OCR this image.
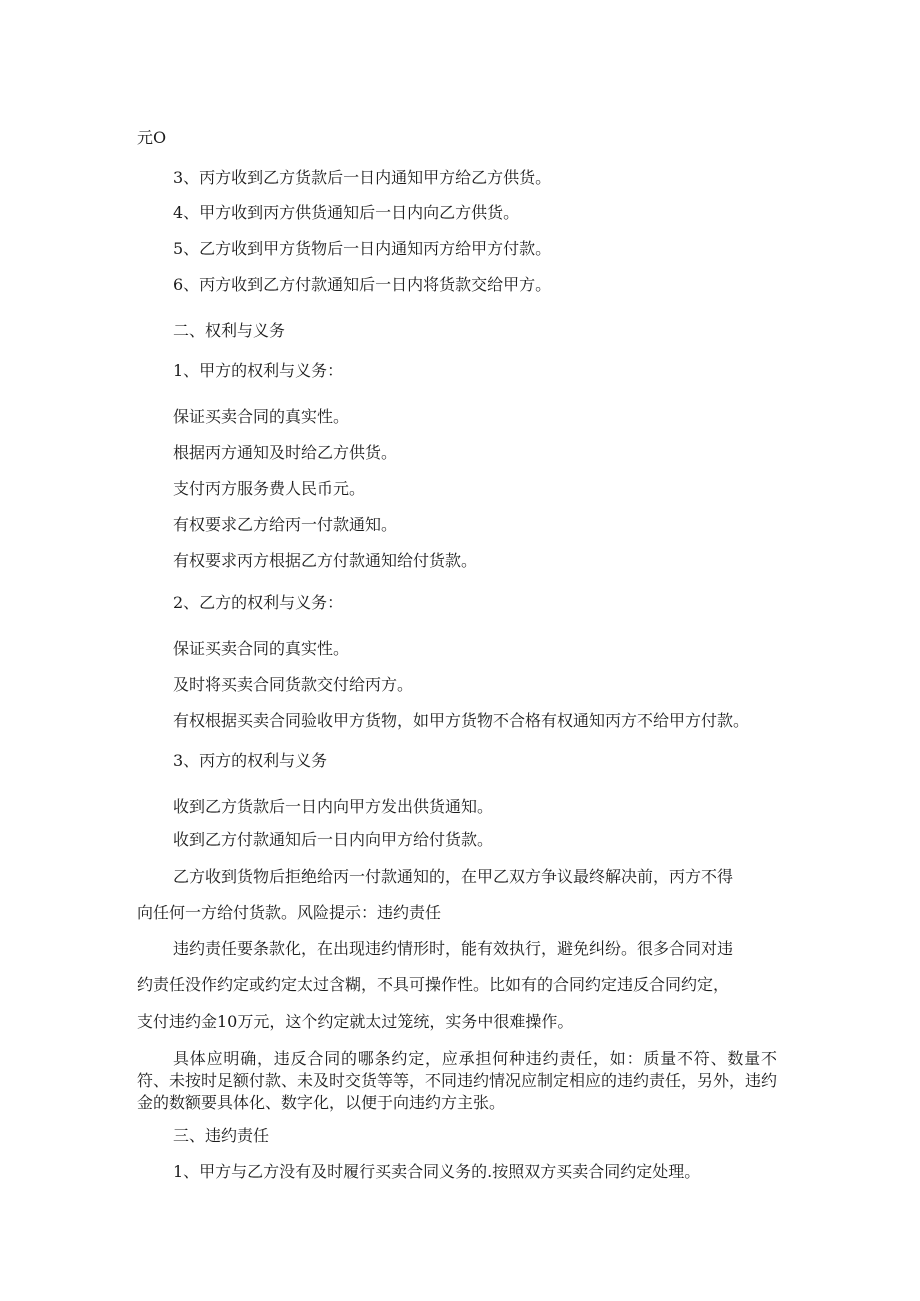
元O
3、丙方收到乙方货款后一日内通知甲方给乙方供货。
4、甲方收到丙方供货通知后一日内向乙方供货。
5、乙方收到甲方货物后一日内通知丙方给甲方付款。
6、丙方收到乙方付款通知后一日内将货款交给甲方。
二、权利与义务
1、甲方的权利与义务：
保证买卖合同的真实性。
根据丙方通知及时给乙方供货。
支付丙方服务费人民币元。
有权要求乙方给丙一付款通知。
有权要求丙方根据乙方付款通知给付货款。
2、乙方的权利与义务：
保证买卖合同的真实性。
及时将买卖合同货款交付给丙方。
有权根据买卖合同验收甲方货物，如甲方货物不合格有权通知丙方不给甲方付款。
3、丙方的权利与义务
收到乙方货款后一日内向甲方发出供货通知。
收到乙方付款通知后一日内向甲方给付货款。
乙方收到货物后拒绝给丙一付款通知的，在甲乙双方争议最终解决前，丙方不得
向任何一方给付货款。风险提示：违约责任
违约责任要条款化，在出现违约情形时，能有效执行，避免纠纷。很多合同对违
约责任没作约定或约定太过含糊，不具可操作性。比如有的合同约定违反合同约定，
支付违约金10万元，这个约定就太过笼统，实务中很难操作。
具体应明确，违反合同的哪条约定，应承担何种违约责任，如：质量不符、数量不符、未按时足额付款、未及时交货等等，不同违约情况应制定相应的违约责任，另外，违约金的数额要具体化、数字化，以便于向违约方主张。
三、违约责任
1、甲方与乙方没有及时履行买卖合同义务的.按照双方买卖合同约定处理。
